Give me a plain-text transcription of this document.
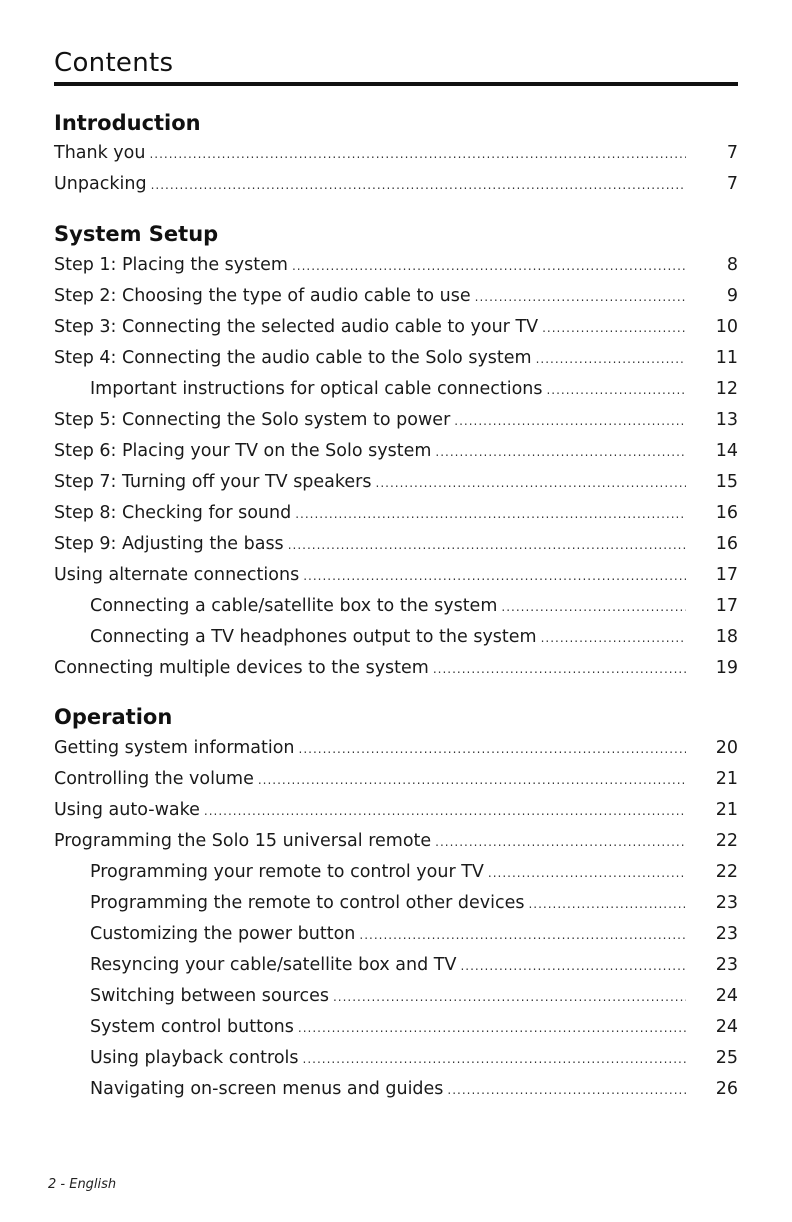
Contents
Introduction
Thank you .....	7
Unpacking .....	7
System Setup
Step 1: Placing the system .....	8
Step 2: Choosing the type of audio cable to use .....	9
Step 3: Connecting the selected audio cable to your TV .....	10
Step 4: Connecting the audio cable to the Solo system .....	11
Important instructions for optical cable connections .....	12
Step 5: Connecting the Solo system to power .....	13
Step 6: Placing your TV on the Solo system .....	14
Step 7: Turning off your TV speakers .....	15
Step 8: Checking for sound .....	16
Step 9: Adjusting the bass .....	16
Using alternate connections .....	17
Connecting a cable/satellite box to the system .....	17
Connecting a TV headphones output to the system .....	18
Connecting multiple devices to the system .....	19
Operation
Getting system information .....	20
Controlling the volume .....	21
Using auto-wake .....	21
Programming the Solo 15 universal remote .....	22
Programming your remote to control your TV .....	22
Programming the remote to control other devices .....	23
Customizing the power button .....	23
Resyncing your cable/satellite box and TV .....	23
Switching between sources .....	24
System control buttons .....	24
Using playback controls .....	25
Navigating on-screen menus and guides .....	26
2 - English
